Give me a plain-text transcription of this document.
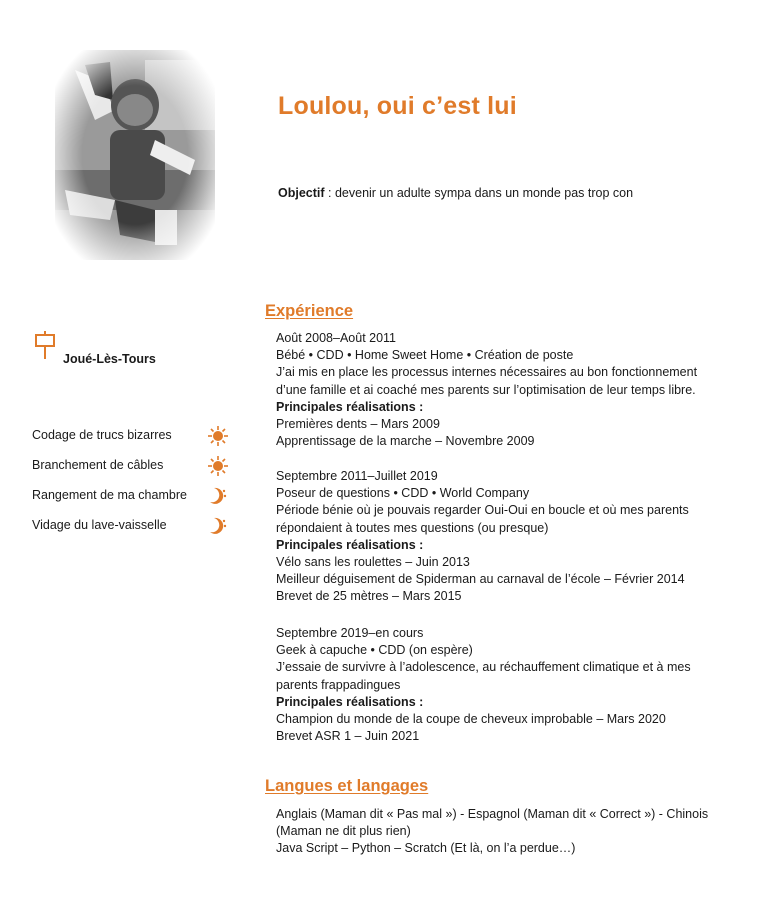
Loulou, oui c’est lui
Objectif : devenir un adulte sympa dans un monde pas trop con
Joué-Lès-Tours
Codage de trucs bizarres
Branchement de câbles
Rangement de ma chambre
Vidage du lave-vaisselle
Expérience
Août 2008–Août 2011
Bébé • CDD • Home Sweet Home • Création de poste
J’ai mis en place les processus internes nécessaires au bon fonctionnement
d’une famille et ai coaché mes parents sur l’optimisation de leur temps libre.
Principales réalisations :
Premières dents – Mars 2009
Apprentissage de la marche – Novembre 2009
Septembre 2011–Juillet 2019
Poseur de questions • CDD • World Company
Période bénie où je pouvais regarder Oui-Oui en boucle et où mes parents
répondaient à toutes mes questions (ou presque)
Principales réalisations :
Vélo sans les roulettes – Juin 2013
Meilleur déguisement de Spiderman au carnaval de l’école – Février 2014
Brevet de 25 mètres – Mars 2015
Septembre 2019–en cours
Geek à capuche • CDD (on espère)
J’essaie de survivre à l’adolescence, au réchauffement climatique et à mes
parents frappadingues
Principales réalisations :
Champion du monde de la coupe de cheveux improbable – Mars 2020
Brevet ASR 1 – Juin 2021
Langues et langages
Anglais (Maman dit « Pas mal ») - Espagnol (Maman dit « Correct ») - Chinois
(Maman ne dit plus rien)
Java Script – Python – Scratch (Et là, on l’a perdue…)
